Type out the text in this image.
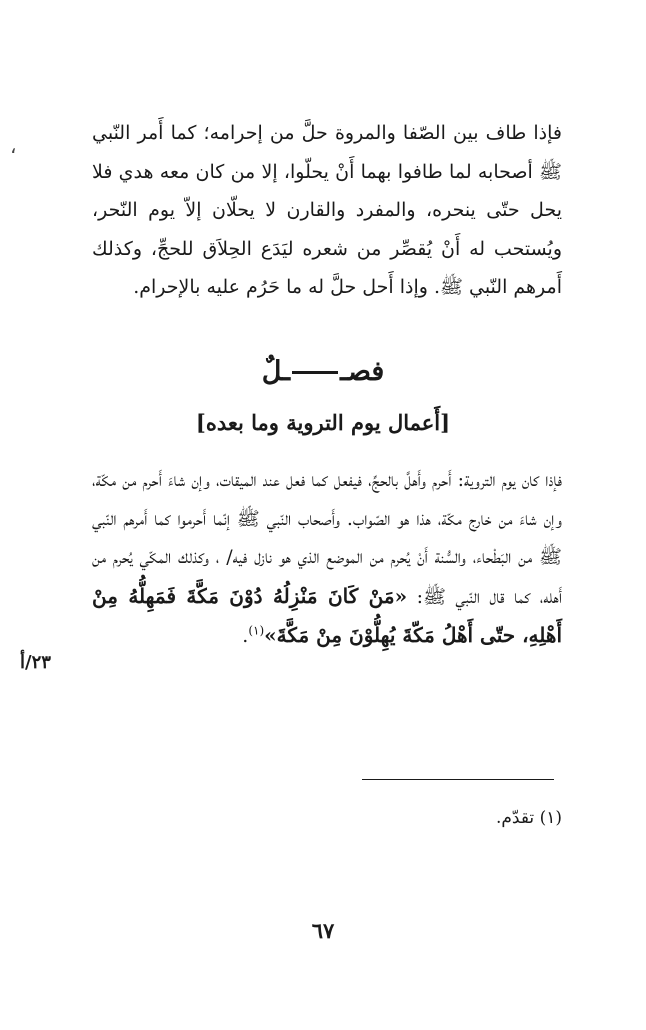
،

فإذا طاف بين الصّفا والمروة حلَّ من إحرامه؛ كما أَمر النّبي ﷺ أصحابه لما طافوا بهما أَنْ يحلّوا، إلا من كان معه هدي فلا يحل حتّى ينحره، والمفرد والقارن لا يحلّان إلاّ يوم النّحر، ويُستحب له أَنْ يُقصِّر من شعره ليَدَع الحِلاَق للحجِّ، وكذلك أَمرهم النّبي ﷺ. وإذا أَحل حلَّ له ما حَرُم عليه بالإحرام.

فصــلٌ
[أَعمال يوم التروية وما بعده]

فإذا كان يوم التروية: أَحرم وأَهلَّ بالحجِّ، فيفعل كما فعل عند الميقات، وإن شاءَ أَحرم من مكّة، وإن شاءَ من خارج مكّة، هذا هو الصّواب. وأَصحاب النّبي ﷺ إنّما أَحرموا كما أَمرهم النّبي ﷺ من البَطْحاء، والسُّنة أَنْ يُحرم من الموضع الذي هو نازل فيه/ ، وكذلك المكّي يُحرم من أَهله، كما قال النّبي ﷺ: «مَنْ كَانَ مَنْزِلُهُ دُوْنَ مَكَّةَ فَمَهِلُّهُ مِنْ أَهْلِهِ، حتّى أَهْلُ مَكّةَ يُهِلُّوْنَ مِنْ مَكَّةَ»$^{(١)}$.

٢٣/أ
(١) تقدّم.
٦٧
